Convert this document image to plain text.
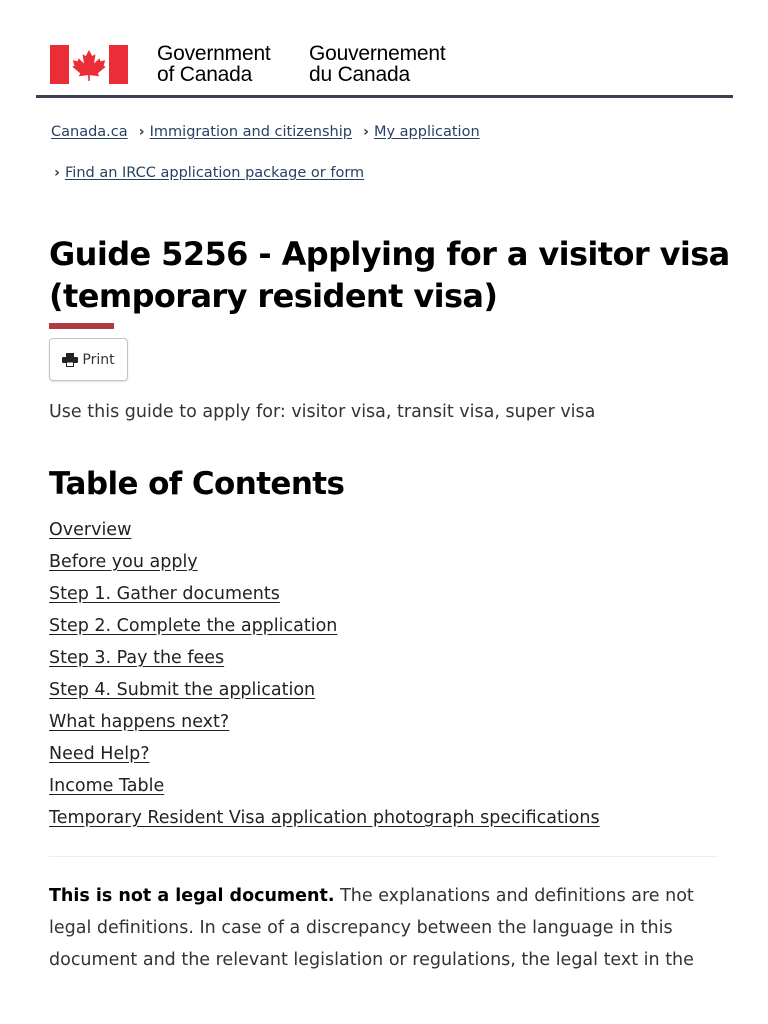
Government
of Canada
Gouvernement
du Canada
Canada.ca › Immigration and citizenship › My application
› Find an IRCC application package or form
Guide 5256 - Applying for a visitor visa (temporary resident visa)
Print

Use this guide to apply for: visitor visa, transit visa, super visa

Table of Contents
Overview
Before you apply
Step 1. Gather documents
Step 2. Complete the application
Step 3. Pay the fees
Step 4. Submit the application
What happens next?
Need Help?
Income Table
Temporary Resident Visa application photograph specifications

This is not a legal document. The explanations and definitions are not legal definitions. In case of a discrepancy between the language in this document and the relevant legislation or regulations, the legal text in the
